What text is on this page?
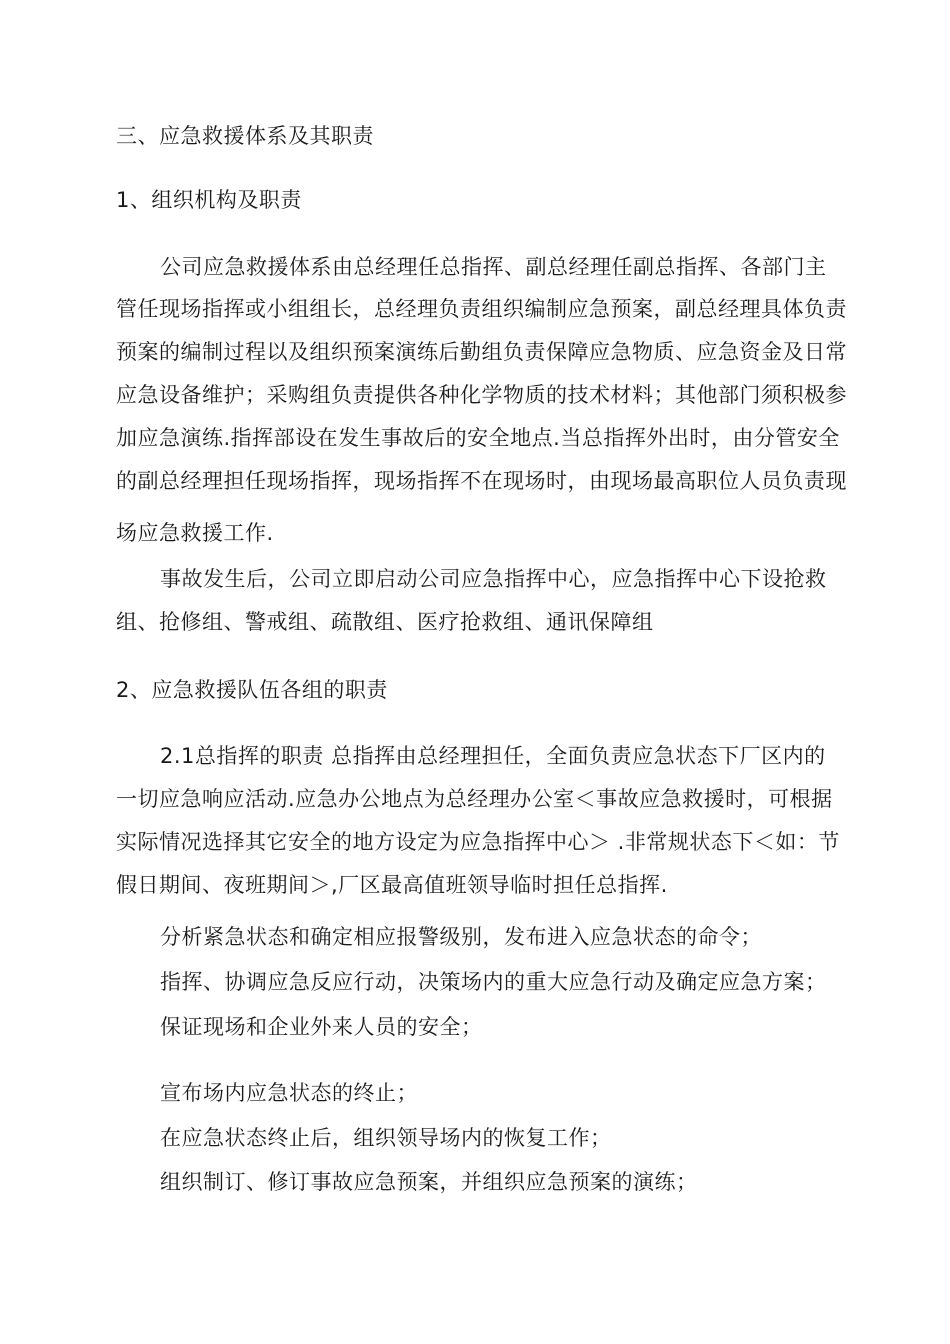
三、应急救援体系及其职责
1、组织机构及职责
公司应急救援体系由总经理任总指挥、副总经理任副总指挥、各部门主
管任现场指挥或小组组长，总经理负责组织编制应急预案，副总经理具体负责
预案的编制过程以及组织预案演练后勤组负责保障应急物质、应急资金及日常
应急设备维护；采购组负责提供各种化学物质的技术材料；其他部门须积极参
加应急演练.指挥部设在发生事故后的安全地点.当总指挥外出时，由分管安全
的副总经理担任现场指挥，现场指挥不在现场时，由现场最高职位人员负责现
场应急救援工作.
事故发生后，公司立即启动公司应急指挥中心，应急指挥中心下设抢救
组、抢修组、警戒组、疏散组、医疗抢救组、通讯保障组
2、应急救援队伍各组的职责
2.1总指挥的职责 总指挥由总经理担任，全面负责应急状态下厂区内的
一切应急响应活动.应急办公地点为总经理办公室＜事故应急救援时，可根据
实际情况选择其它安全的地方设定为应急指挥中心＞ .非常规状态下＜如：节
假日期间、夜班期间＞,厂区最高值班领导临时担任总指挥.
分析紧急状态和确定相应报警级别，发布进入应急状态的命令；
指挥、协调应急反应行动，决策场内的重大应急行动及确定应急方案；
保证现场和企业外来人员的安全；
宣布场内应急状态的终止；
在应急状态终止后，组织领导场内的恢复工作；
组织制订、修订事故应急预案，并组织应急预案的演练；
